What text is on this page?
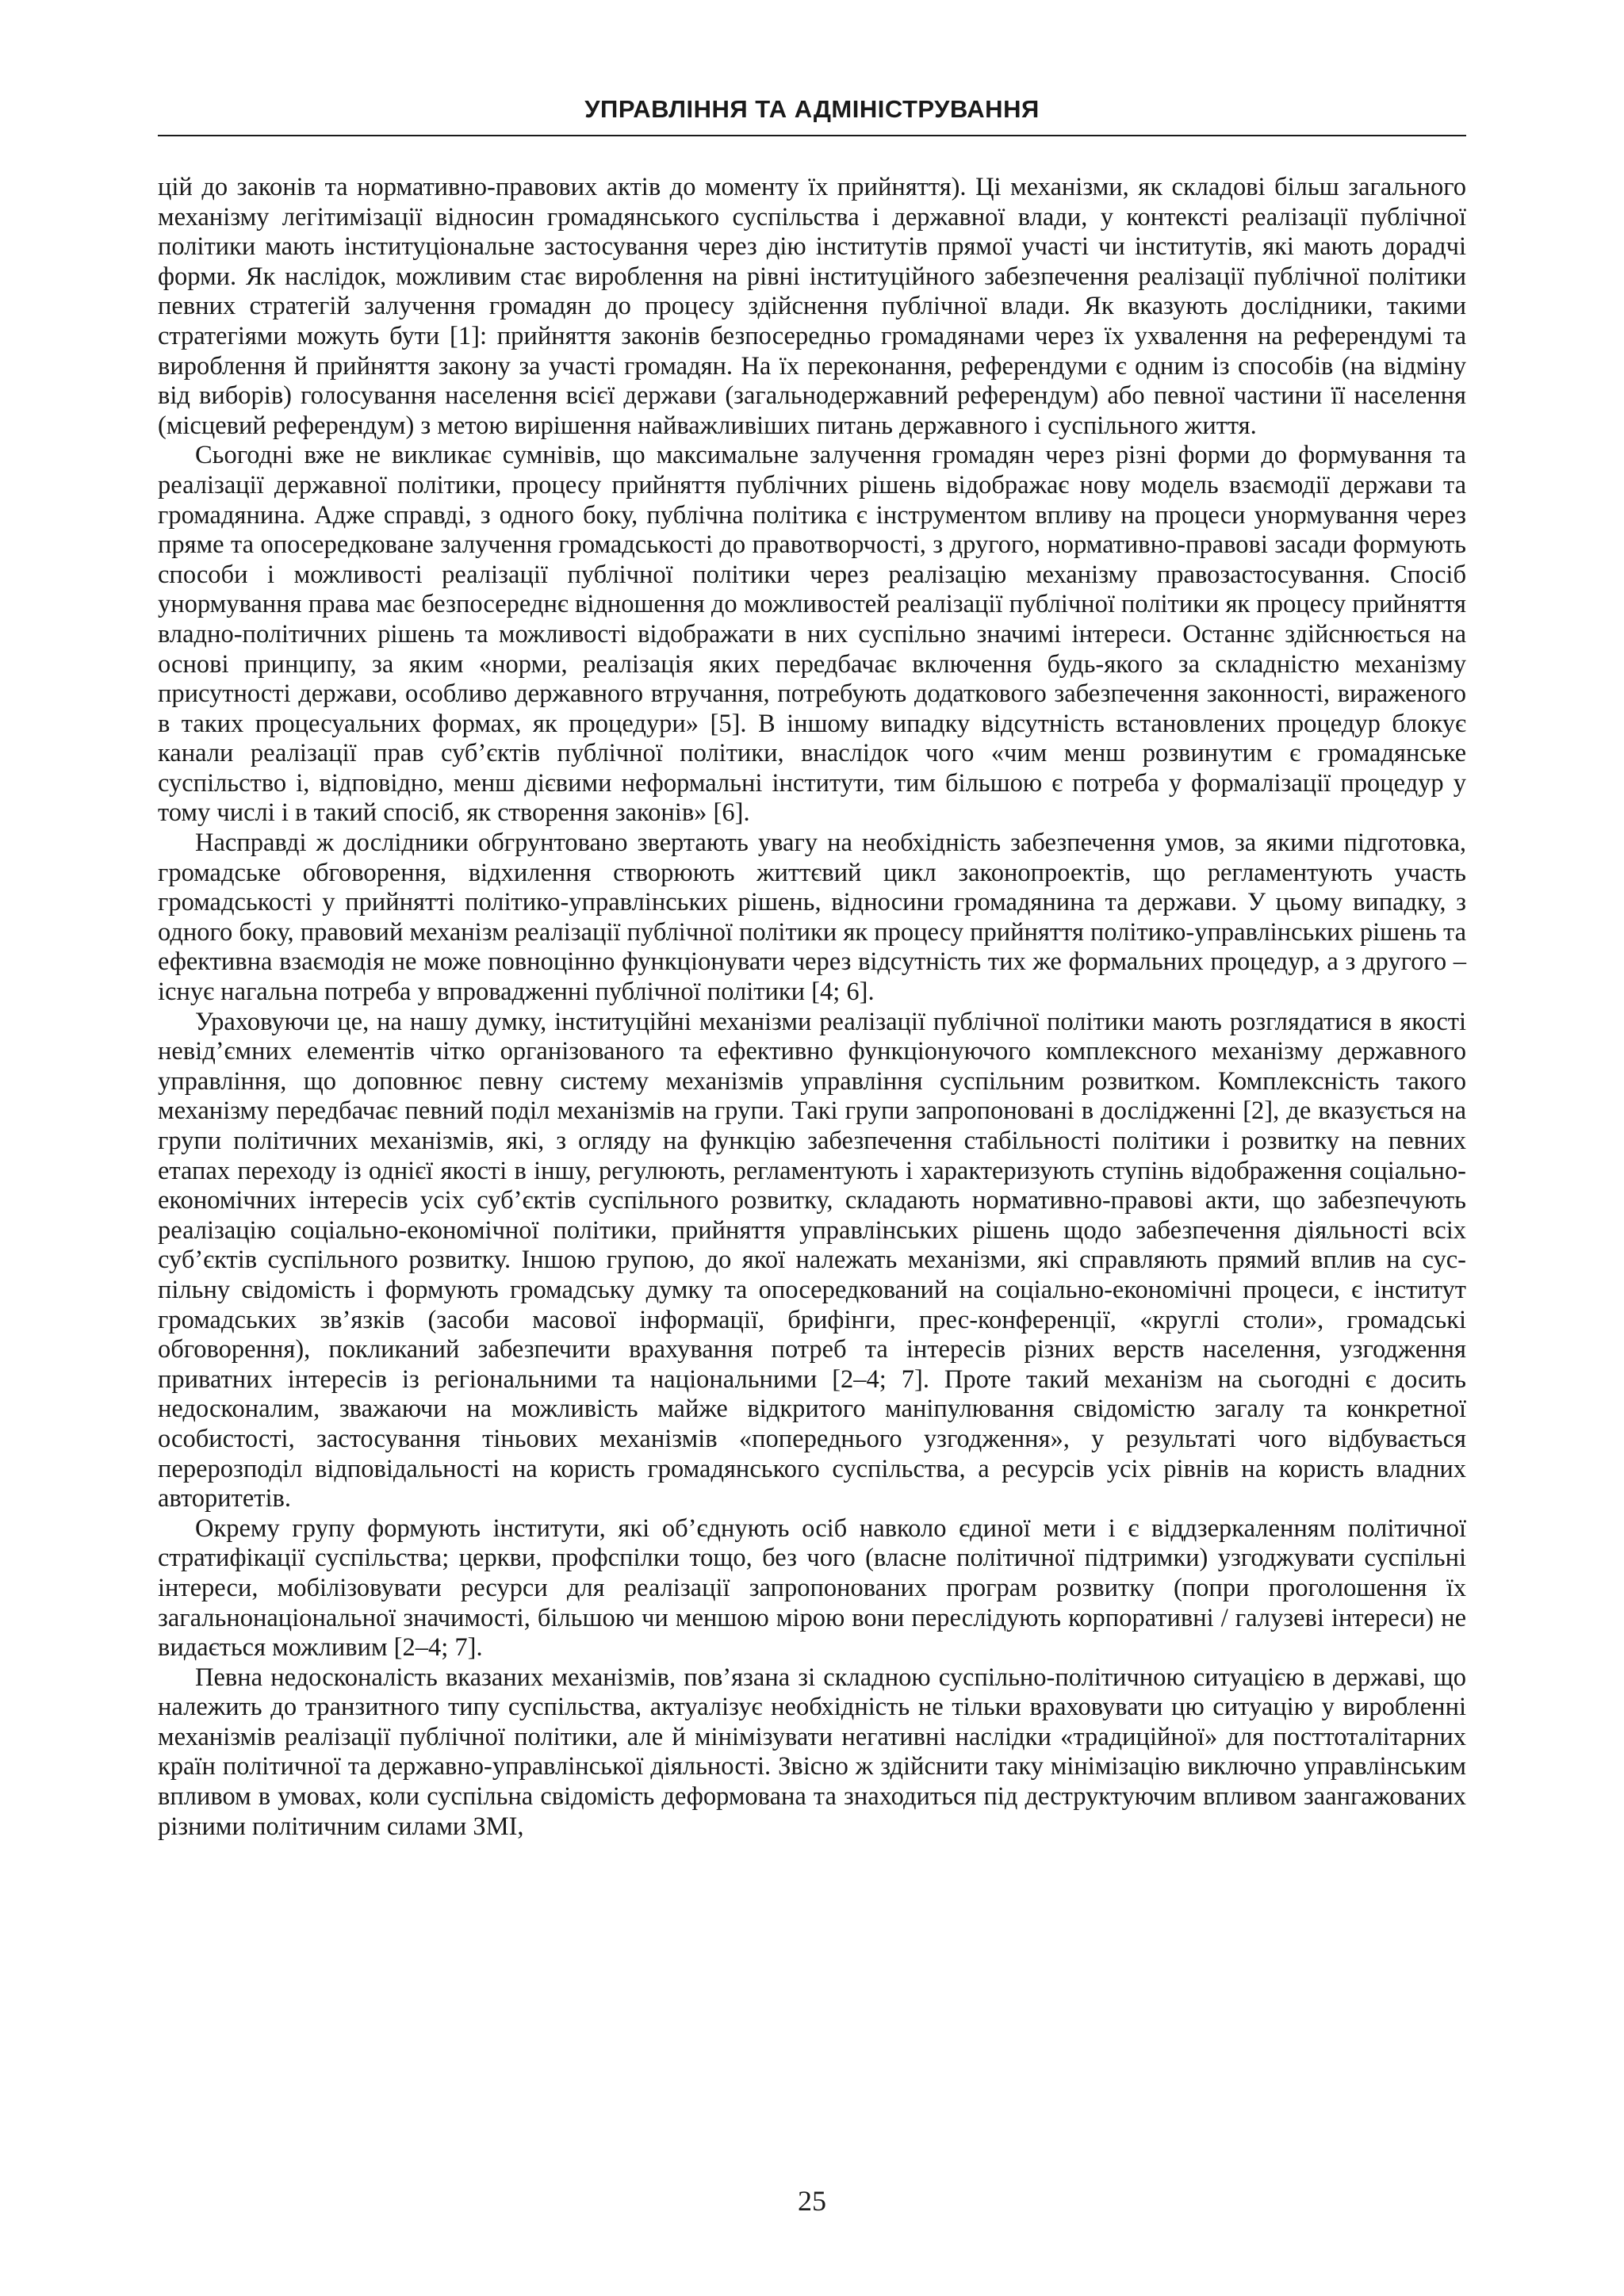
УПРАВЛІННЯ ТА АДМІНІСТРУВАННЯ

цій до законів та нормативно-правових актів до моменту їх прийняття). Ці механізми, як складові більш загального механізму легітимізації відносин громадянського суспільства і державної влади, у контексті реалізації публічної політики мають інституціональне застосування через дію інститутів прямої участі чи інститутів, які мають дорадчі форми. Як наслідок, можливим стає вироблення на рівні інституційного забезпечення реалізації публічної політики певних стратегій залучення громадян до процесу здійснення публічної влади. Як вказують дослідники, такими стратегіями можуть бути [1]: прийняття законів безпосередньо громадянами через їх ухвалення на референдумі та вироблення й прийняття закону за участі громадян. На їх переконання, референдуми є одним із способів (на відміну від виборів) голосування населення всієї держави (загальнодержавний референдум) або певної частини її населення (місцевий референдум) з метою вирішення найважливіших питань державного і суспільного життя.

Сьогодні вже не викликає сумнівів, що максимальне залучення громадян через різні форми до формування та реалізації державної політики, процесу прийняття публічних рішень відображає нову модель взаємодії держави та громадянина. Адже справді, з одного боку, публічна політика є інструментом впливу на процеси унормування через пряме та опосередковане залучення громадськості до правотворчості, з другого, нормативно-правові засади формують способи і можливості реалізації публічної політики через реалізацію механізму правозастосування. Спосіб унормування права має безпосереднє відношення до можливостей реалізації публічної політики як процесу прийняття владно-політичних рішень та можливості відображати в них суспільно значимі інтереси. Останнє здійснюється на основі принципу, за яким «норми, реалізація яких передбачає включення будь-якого за складністю механізму присутності держави, особливо державного втручання, потребують додаткового забезпечення законності, вираженого в таких процесуальних формах, як процедури» [5]. В іншому випадку відсутність встановлених процедур блокує канали реалізації прав суб’єктів публічної політики, внаслідок чого «чим менш розвинутим є громадянське суспільство і, відповідно, менш дієвими неформальні інститути, тим більшою є потреба у формалізації процедур у тому числі і в такий спосіб, як створення законів» [6].

Насправді ж дослідники обгрунтовано звертають увагу на необхідність забезпечення умов, за якими підготовка, громадське обговорення, відхилення створюють життєвий цикл законопроектів, що регламентують участь громадськості у прийнятті політико-управлінських рішень, відносини громадянина та держави. У цьому випадку, з одного боку, правовий механізм реалізації публічної політики як процесу прийняття політико-управлінських рішень та ефективна взаємодія не може повноцінно функціонувати через відсутність тих же формальних процедур, а з другого – існує нагальна потреба у впровадженні публічної політики [4; 6].

Ураховуючи це, на нашу думку, інституційні механізми реалізації публічної політики мають розглядатися в якості невід’ємних елементів чітко організованого та ефективно функціонуючого комплексного механізму державного управління, що доповнює певну систему механізмів управління суспільним розвитком. Комплексність такого механізму передбачає певний поділ механізмів на групи. Такі групи запропоновані в дослідженні [2], де вказується на групи політичних механізмів, які, з огляду на функцію забезпечення стабільності політики і розвитку на певних етапах переходу із однієї якості в іншу, регулюють, регламентують і характеризують ступінь відображення соціально-економічних інтересів усіх суб’єктів суспільного розвитку, складають нормативно-правові акти, що забезпечують реалізацію соціально-економічної політики, прийняття управлінських рішень щодо забезпечення діяльності всіх суб’єктів суспільного розвитку. Іншою групою, до якої належать механізми, які справляють прямий вплив на суспільну свідомість і формують громадську думку та опосередкований на соціально-економічні процеси, є інститут громадських зв’язків (засоби масової інформації, брифінги, прес-конференції, «круглі столи», громадські обговорення), покликаний забезпечити врахування потреб та інтересів різних верств населення, узгодження приватних інтересів із регіональними та національними [2–4; 7]. Проте такий механізм на сьогодні є досить недосконалим, зважаючи на можливість майже відкритого маніпулювання свідомістю загалу та конкретної особистості, застосування тіньових механізмів «попереднього узгодження», у результаті чого відбувається перерозподіл відповідальності на користь громадянського суспільства, а ресурсів усіх рівнів на користь владних авторитетів.

Окрему групу формують інститути, які об’єднують осіб навколо єдиної мети і є віддзеркаленням політичної стратифікації суспільства; церкви, профспілки тощо, без чого (власне політичної підтримки) узгоджувати суспільні інтереси, мобілізовувати ресурси для реалізації запропонованих програм розвитку (попри проголошення їх загальнонаціональної значимості, більшою чи меншою мірою вони переслідують корпоративні / галузеві інтереси) не видається можливим [2–4; 7].

Певна недосконалість вказаних механізмів, пов’язана зі складною суспільно-політичною ситуацією в державі, що належить до транзитного типу суспільства, актуалізує необхідність не тільки враховувати цю ситуацію у виробленні механізмів реалізації публічної політики, але й мінімізувати негативні наслідки «традиційної» для посттоталітарних країн політичної та державно-управлінської діяльності. Звісно ж здійснити таку мінімізацію виключно управлінським впливом в умовах, коли суспільна свідомість деформована та знаходиться під деструктуючим впливом заангажованих різними політичним силами ЗМІ,

25
